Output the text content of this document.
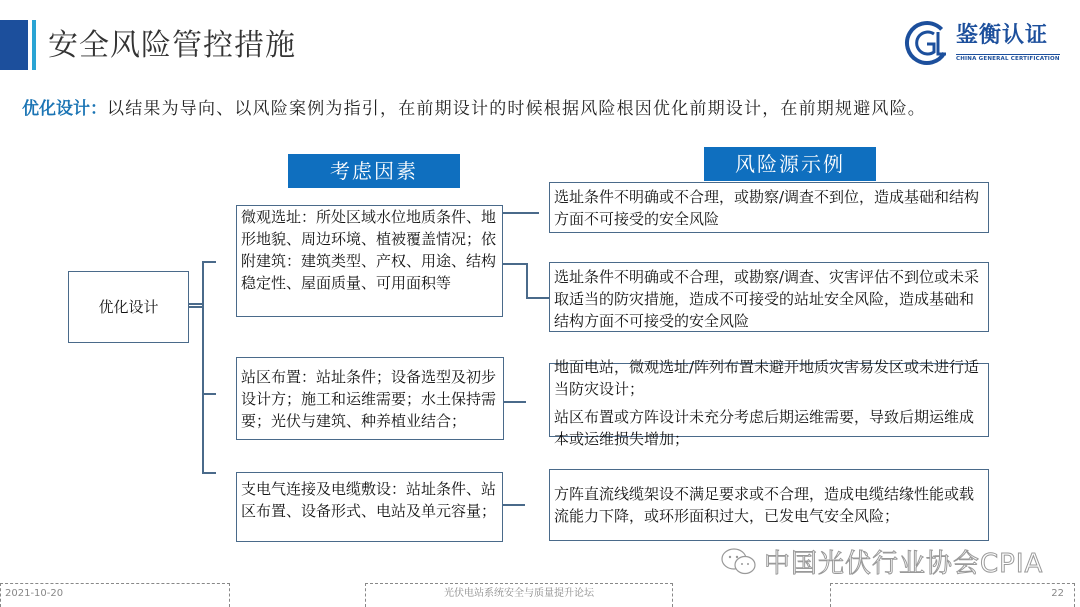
安全风险管控措施	鉴衡认证
CHINA GENERAL CERTIFICATION
优化设计：以结果为导向、以风险案例为指引，在前期设计的时候根据风险根因优化前期设计，在前期规避风险。
考虑因素	风险源示例
优化设计
微观选址：所处区域水位地质条件、地形地貌、周边环境、植被覆盖情况；依附建筑：建筑类型、产权、用途、结构稳定性、屋面质量、可用面积等
站区布置：站址条件；设备选型及初步设计方；施工和运维需要；水土保持需要；光伏与建筑、种养植业结合；
支电气连接及电缆敷设：站址条件、站区布置、设备形式、电站及单元容量；
选址条件不明确或不合理，或勘察/调查不到位，造成基础和结构方面不可接受的安全风险
选址条件不明确或不合理，或勘察/调查、灾害评估不到位或未采取适当的防灾措施，造成不可接受的站址安全风险，造成基础和结构方面不可接受的安全风险
地面电站，微观选址/阵列布置未避开地质灾害易发区或未进行适当防灾设计；
站区布置或方阵设计未充分考虑后期运维需要，导致后期运维成本或运维损失增加；
方阵直流线缆架设不满足要求或不合理，造成电缆结缘性能或载流能力下降，或环形面积过大，已发电气安全风险；
中国光伏行业协会CPIA
2021-10-20	光伏电站系统安全与质量提升论坛	22
